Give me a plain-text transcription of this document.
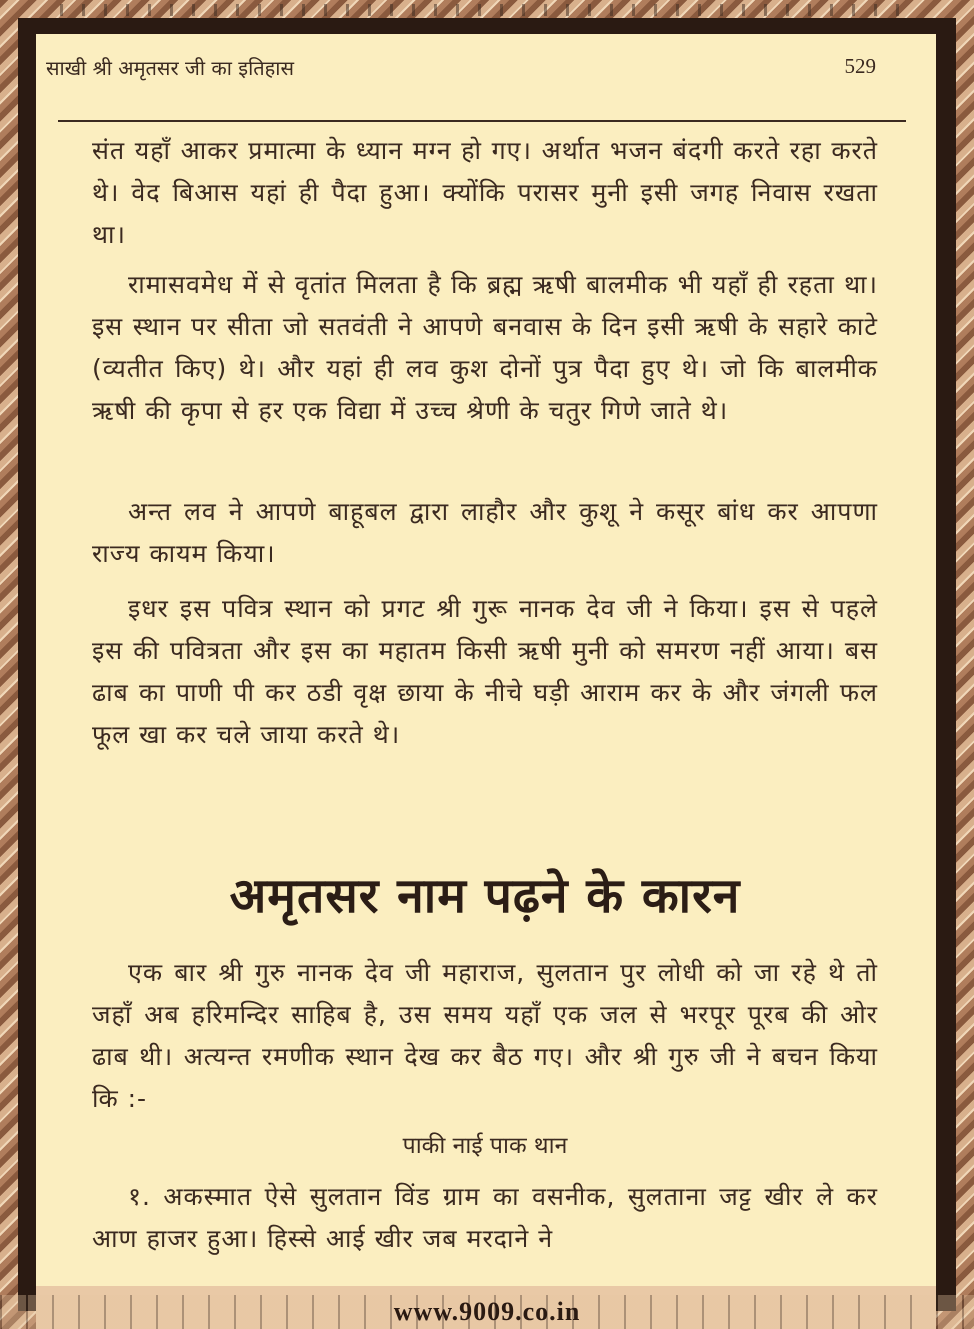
साखी श्री अमृतसर जी का इतिहास	529
संत यहाँ आकर प्रमात्मा के ध्यान मग्न हो गए। अर्थात भजन बंदगी करते रहा करते थे। वेद बिआस यहां ही पैदा हुआ। क्योंकि परासर मुनी इसी जगह निवास रखता था।
रामासवमेध में से वृतांत मिलता है कि ब्रह्म ऋषी बालमीक भी यहाँ ही रहता था। इस स्थान पर सीता जो सतवंती ने आपणे बनवास के दिन इसी ऋषी के सहारे काटे (व्यतीत किए) थे। और यहां ही लव कुश दोनों पुत्र पैदा हुए थे। जो कि बालमीक ऋषी की कृपा से हर एक विद्या में उच्च श्रेणी के चतुर गिणे जाते थे।
अन्त लव ने आपणे बाहूबल द्वारा लाहौर और कुशू ने कसूर बांध कर आपणा राज्य कायम किया।
इधर इस पवित्र स्थान को प्रगट श्री गुरू नानक देव जी ने किया। इस से पहले इस की पवित्रता और इस का महातम किसी ऋषी मुनी को समरण नहीं आया। बस ढाब का पाणी पी कर ठडी वृक्ष छाया के नीचे घड़ी आराम कर के और जंगली फल फूल खा कर चले जाया करते थे।
अमृतसर नाम पढ़ने के कारन
एक बार श्री गुरु नानक देव जी महाराज, सुलतान पुर लोधी को जा रहे थे तो जहाँ अब हरिमन्दिर साहिब है, उस समय यहाँ एक जल से भरपूर पूरब की ओर ढाब थी। अत्यन्त रमणीक स्थान देख कर बैठ गए। और श्री गुरु जी ने बचन किया कि :-
पाकी नाई पाक थान
१. अकस्मात ऐसे सुलतान विंड ग्राम का वसनीक, सुलताना जट्ट खीर ले कर आण हाजर हुआ। हिस्से आई खीर जब मरदाने ने
www.9009.co.in
